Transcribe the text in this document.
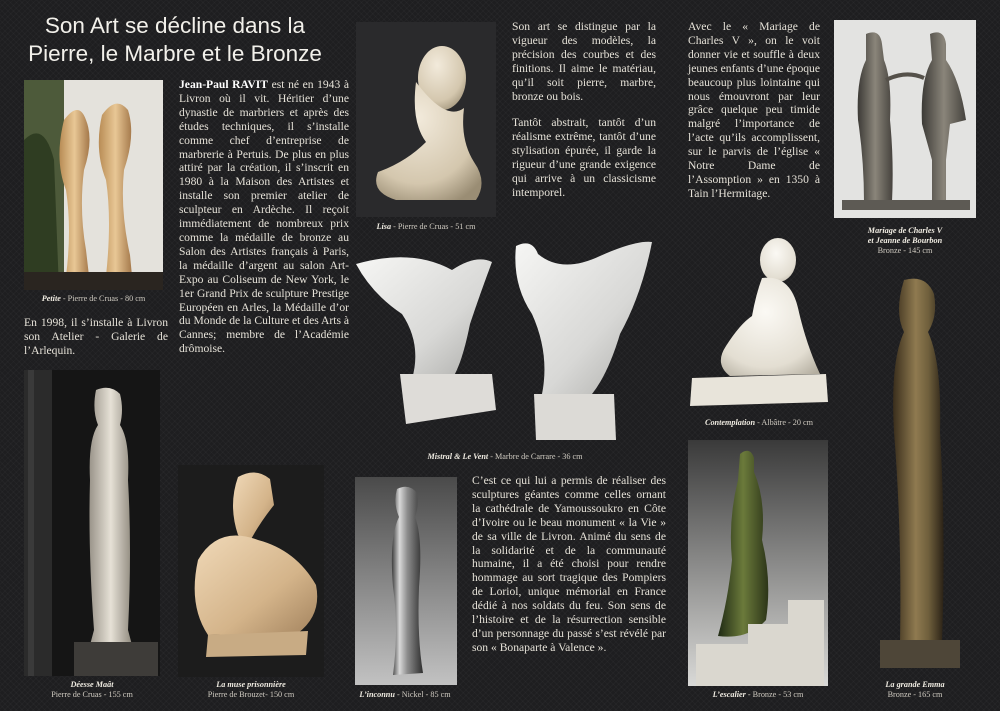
Son Art se décline dans la
Pierre, le Marbre et le Bronze
Petite - Pierre de Cruas - 80 cm
Jean-Paul RAVIT est né en 1943 à Livron où il vit. Héritier d’une dynastie de marbriers et après des études techniques, il s’installe comme chef d’entreprise de marbrerie à Pertuis. De plus en plus attiré par la création, il s’inscrit en 1980 à la Maison des Artistes et installe son premier atelier de sculpteur en Ardèche. Il reçoit immédiatement de nombreux prix comme la médaille de bronze au Salon des Artistes français à Paris, la médaille d’argent au salon Art-Expo au Coliseum de New York, le 1er Grand Prix de sculpture Prestige Européen en Arles, la Médaille d’or du Monde de la Culture et des Arts à Cannes; membre de l’Académie drômoise.
En 1998, il s’installe à Livron son Atelier - Galerie de l’Arlequin.
Déesse Maât
Pierre de Cruas - 155 cm
La muse prisonnière
Pierre de Brouzet- 150 cm
Lisa - Pierre de Cruas - 51 cm
Son art se distingue par la vigueur des modèles, la précision des courbes et des finitions. Il aime le matériau, qu’il soit pierre, marbre, bronze ou bois.
Tantôt abstrait, tantôt d’un réalisme extrême, tantôt d’une stylisation épurée, il garde la rigueur d’une grande exigence qui arrive à un classicisme intemporel.
Mistral & Le Vent - Marbre de Carrare - 36 cm
L’inconnu - Nickel - 85 cm
C’est ce qui lui a permis de réaliser des sculptures géantes comme celles ornant la cathédrale de Yamoussoukro en Côte d’Ivoire ou le beau monument « la Vie » de sa ville de Livron. Animé du sens de la solidarité et de la communauté humaine, il a été choisi pour rendre hommage au sort tragique des Pompiers de Loriol, unique mémorial en France dédié à nos soldats du feu. Son sens de l’histoire et de la résurrection sensible d’un personnage du passé s’est révélé par son « Bonaparte à Valence ».
Avec le « Mariage de Charles V », on le voit donner vie et souffle à deux jeunes enfants d’une époque beaucoup plus lointaine qui nous émouvront par leur grâce quelque peu timide malgré l’importance de l’acte qu’ils accomplissent, sur le parvis de l’église « Notre Dame de l’Assomption » en 1350 à Tain l’Hermitage.
Mariage de Charles V
et Jeanne de Bourbon
Bronze - 145 cm
Contemplation - Albâtre - 20 cm
L’escalier - Bronze - 53 cm
La grande Emma
Bronze - 165 cm
